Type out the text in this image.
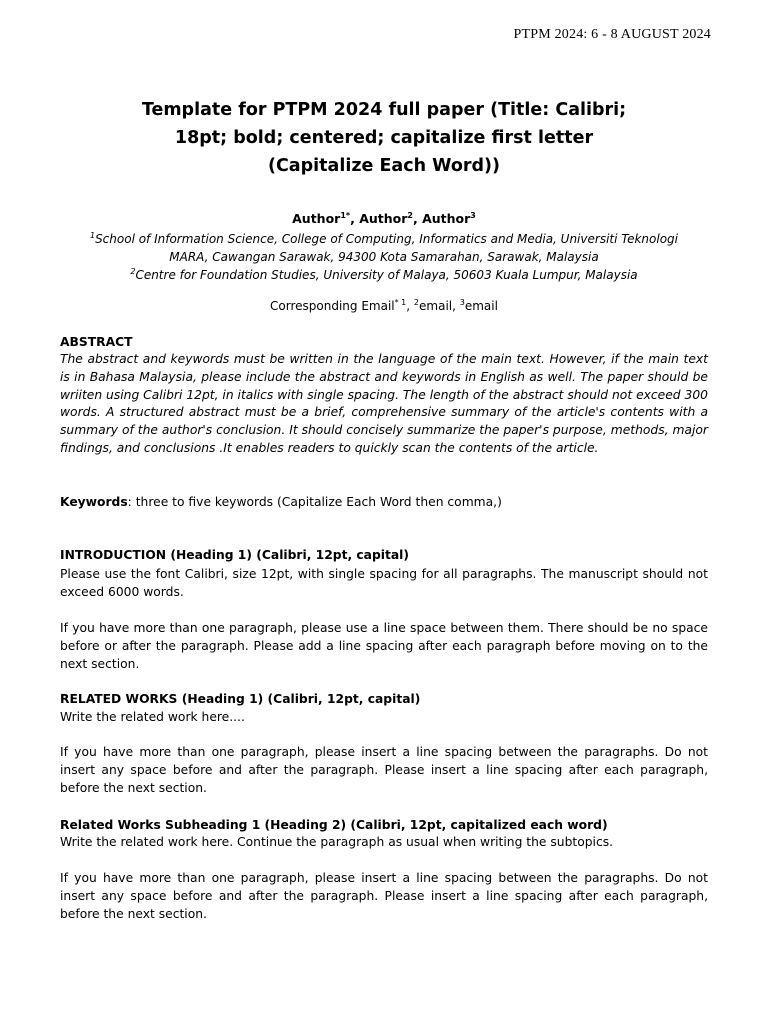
PTPM 2024: 6 - 8 AUGUST 2024
Template for PTPM 2024 full paper (Title: Calibri;
18pt; bold; centered; capitalize first letter
(Capitalize Each Word))
Author$^{1*}$, Author$^2$, Author$^3$
$^1$School of Information Science, College of Computing, Informatics and Media, Universiti Teknologi
MARA, Cawangan Sarawak, 94300 Kota Samarahan, Sarawak, Malaysia
$^2$Centre for Foundation Studies, University of Malaya, 50603 Kuala Lumpur, Malaysia
Corresponding Email$^{* 1}$, $^2$email, $^3$email
ABSTRACT
The abstract and keywords must be written in the language of the main text. However, if the main text is in Bahasa Malaysia, please include the abstract and keywords in English as well. The paper should be wriiten using Calibri 12pt, in italics with single spacing. The length of the abstract should not exceed 300 words. A structured abstract must be a brief, comprehensive summary of the article's contents with a summary of the author's conclusion. It should concisely summarize the paper's purpose, methods, major findings, and conclusions .It enables readers to quickly scan the contents of the article.
Keywords: three to five keywords (Capitalize Each Word then comma,)
INTRODUCTION (Heading 1) (Calibri, 12pt, capital)
Please use the font Calibri, size 12pt, with single spacing for all paragraphs. The manuscript should not exceed 6000 words.
If you have more than one paragraph, please use a line space between them. There should be no space before or after the paragraph. Please add a line spacing after each paragraph before moving on to the next section.
RELATED WORKS (Heading 1) (Calibri, 12pt, capital)
Write the related work here....
If you have more than one paragraph, please insert a line spacing between the paragraphs. Do not insert any space before and after the paragraph. Please insert a line spacing after each paragraph, before the next section.
Related Works Subheading 1 (Heading 2) (Calibri, 12pt, capitalized each word)
Write the related work here. Continue the paragraph as usual when writing the subtopics.
If you have more than one paragraph, please insert a line spacing between the paragraphs. Do not insert any space before and after the paragraph. Please insert a line spacing after each paragraph, before the next section.
